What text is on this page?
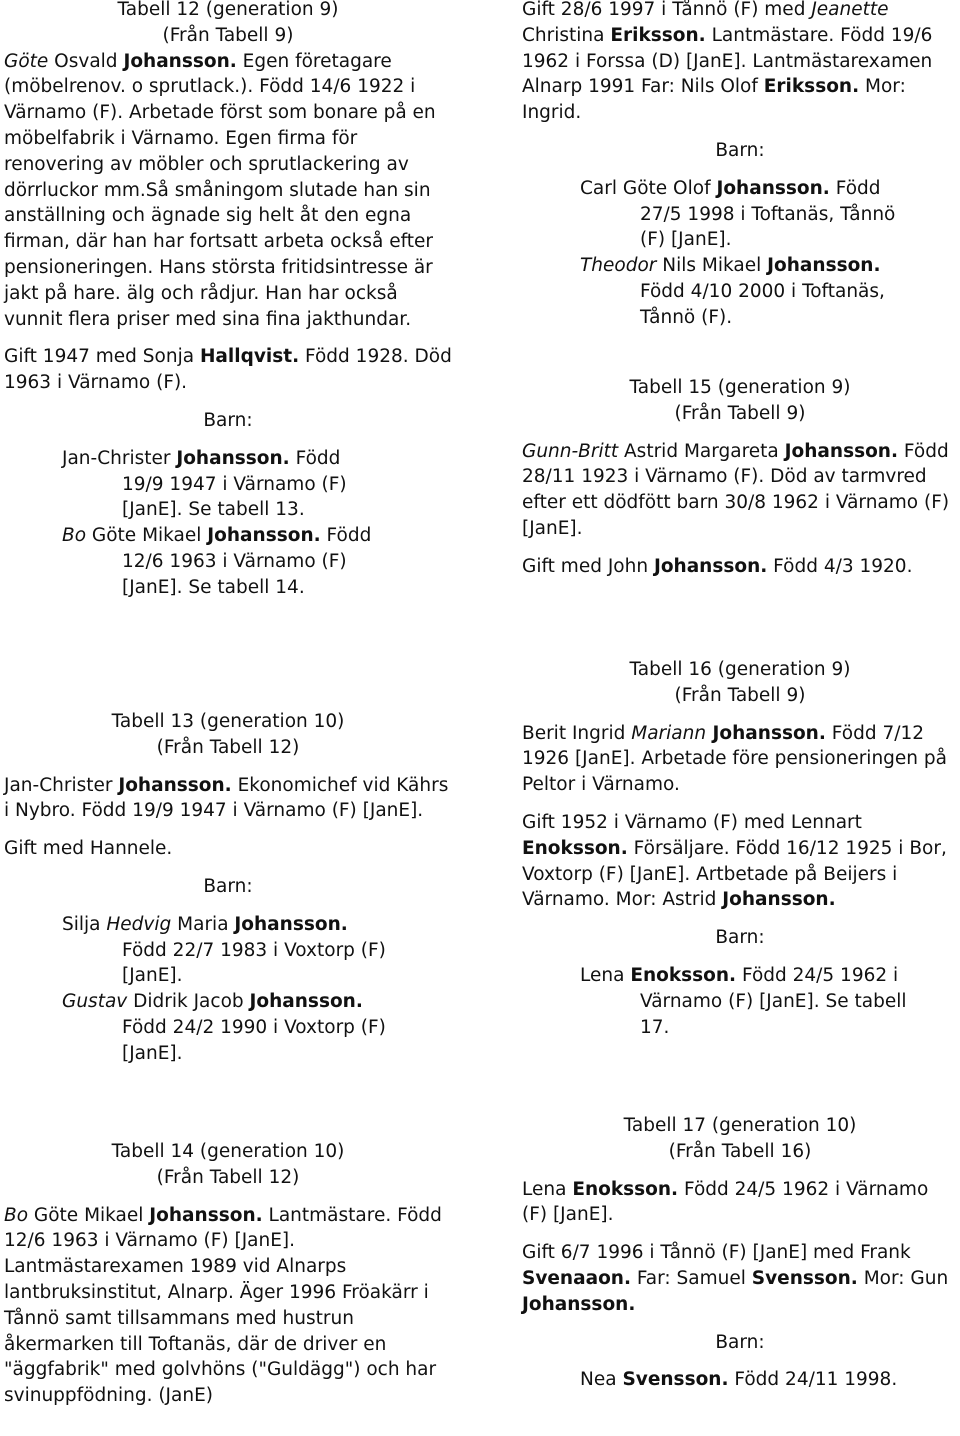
Tabell 12 (generation 9)

(Från Tabell 9)

Göte Osvald Johansson. Egen företagare (möbelrenov. o sprutlack.). Född 14/6 1922 i Värnamo (F). Arbetade först som bonare på en möbelfabrik i Värnamo. Egen firma för renovering av möbler och sprutlackering av dörrluckor mm.Så småningom slutade han sin anställning och ägnade sig helt åt den egna firman, där han har fortsatt arbeta också efter pensioneringen. Hans största fritidsintresse är jakt på hare. älg och rådjur. Han har också vunnit flera priser med sina fina jakthundar.

Gift 1947 med Sonja Hallqvist. Född 1928. Död 1963 i Värnamo (F).

Barn:

Jan-Christer Johansson. Född

19/9 1947 i Värnamo (F)

[JanE]. Se tabell 13.

Bo Göte Mikael Johansson. Född

12/6 1963 i Värnamo (F)

[JanE]. Se tabell 14.

Tabell 13 (generation 10)

(Från Tabell 12)

Jan-Christer Johansson. Ekonomichef vid Kährs i Nybro. Född 19/9 1947 i Värnamo (F) [JanE].

Gift med Hannele.

Barn:

Silja Hedvig Maria Johansson.

Född 22/7 1983 i Voxtorp (F)

[JanE].

Gustav Didrik Jacob Johansson.

Född 24/2 1990 i Voxtorp (F)

[JanE].

Tabell 14 (generation 10)

(Från Tabell 12)

Bo Göte Mikael Johansson. Lantmästare. Född 12/6 1963 i Värnamo (F) [JanE]. Lantmästarexamen 1989 vid Alnarps lantbruksinstitut, Alnarp. Äger 1996 Fröakärr i Tånnö samt tillsammans med hustrun åkermarken till Toftanäs, där de driver en "äggfabrik" med golvhöns ("Guldägg") och har svinuppfödning. (JanE)

Gift 28/6 1997 i Tånnö (F) med Jeanette Christina Eriksson. Lantmästare. Född 19/6 1962 i Forssa (D) [JanE]. Lantmästarexamen Alnarp 1991 Far: Nils Olof Eriksson. Mor: Ingrid.

Barn:

Carl Göte Olof Johansson. Född

27/5 1998 i Toftanäs, Tånnö

(F) [JanE].

Theodor Nils Mikael Johansson.

Född 4/10 2000 i Toftanäs,

Tånnö (F).

Tabell 15 (generation 9)

(Från Tabell 9)

Gunn-Britt Astrid Margareta Johansson. Född 28/11 1923 i Värnamo (F). Död av tarmvred efter ett dödfött barn 30/8 1962 i Värnamo (F) [JanE].

Gift med John Johansson. Född 4/3 1920.

Tabell 16 (generation 9)

(Från Tabell 9)

Berit Ingrid Mariann Johansson. Född 7/12 1926 [JanE]. Arbetade före pensioneringen på Peltor i Värnamo.

Gift 1952 i Värnamo (F) med Lennart Enoksson. Försäljare. Född 16/12 1925 i Bor, Voxtorp (F) [JanE]. Artbetade på Beijers i Värnamo. Mor: Astrid Johansson.

Barn:

Lena Enoksson. Född 24/5 1962 i

Värnamo (F) [JanE]. Se tabell

17.

Tabell 17 (generation 10)

(Från Tabell 16)

Lena Enoksson. Född 24/5 1962 i Värnamo (F) [JanE].

Gift 6/7 1996 i Tånnö (F) [JanE] med Frank Svenaaon. Far: Samuel Svensson. Mor: Gun Johansson.

Barn:

Nea Svensson. Född 24/11 1998.
